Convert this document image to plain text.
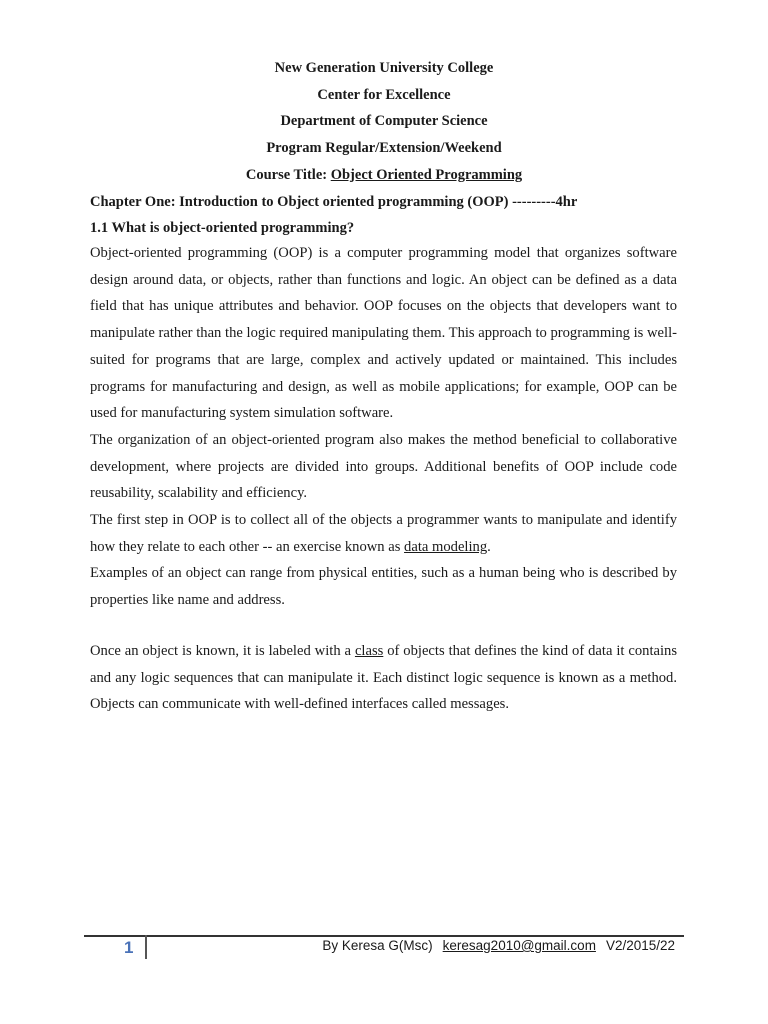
New Generation University College
Center for Excellence
Department of Computer Science
Program Regular/Extension/Weekend
Course Title: Object Oriented Programming
Chapter One: Introduction to Object oriented programming (OOP) ---------4hr
1.1 What is object-oriented programming?

Object-oriented programming (OOP) is a computer programming model that organizes software design around data, or objects, rather than functions and logic. An object can be defined as a data field that has unique attributes and behavior. OOP focuses on the objects that developers want to manipulate rather than the logic required manipulating them. This approach to programming is well-suited for programs that are large, complex and actively updated or maintained. This includes programs for manufacturing and design, as well as mobile applications; for example, OOP can be used for manufacturing system simulation software.

The organization of an object-oriented program also makes the method beneficial to collaborative development, where projects are divided into groups. Additional benefits of OOP include code reusability, scalability and efficiency.

The first step in OOP is to collect all of the objects a programmer wants to manipulate and identify how they relate to each other -- an exercise known as data modeling.

Examples of an object can range from physical entities, such as a human being who is described by properties like name and address.

Once an object is known, it is labeled with a class of objects that defines the kind of data it contains and any logic sequences that can manipulate it. Each distinct logic sequence is known as a method. Objects can communicate with well-defined interfaces called messages.

1	By Keresa G(Msc) keresag2010@gmail.com V2/2015/22
